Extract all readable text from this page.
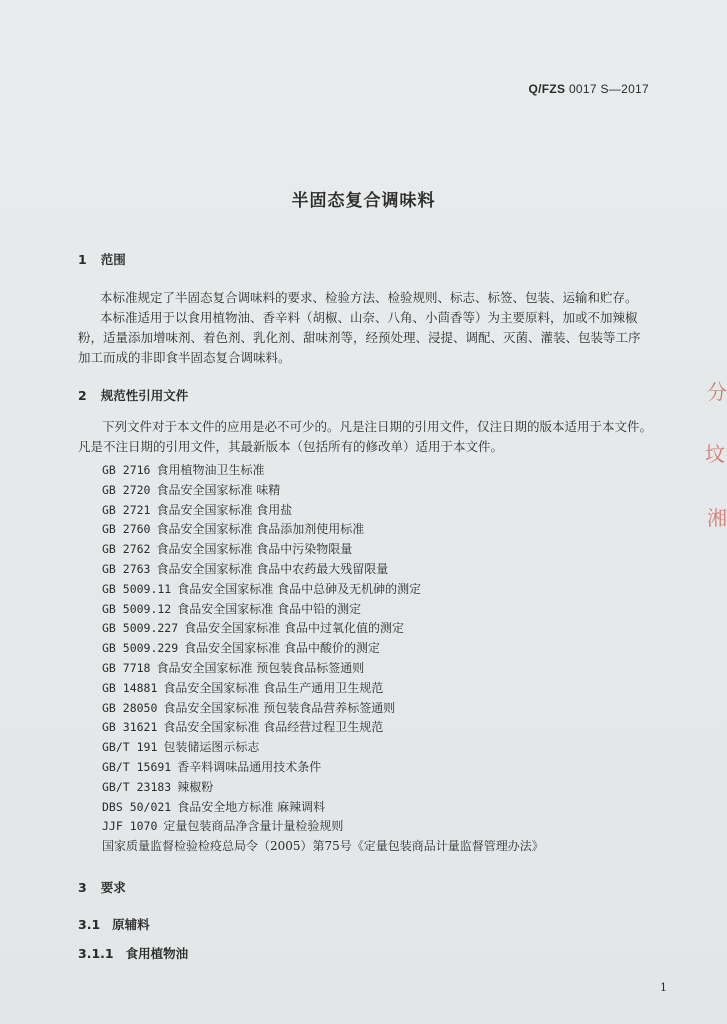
Q/FZS 0017 S—2017
半固态复合调味料
1 范围
本标准规定了半固态复合调味料的要求、检验方法、检验规则、标志、标签、包装、运输和贮存。
本标准适用于以食用植物油、香辛料（胡椒、山奈、八角、小茴香等）为主要原料，加或不加辣椒
粉，适量添加增味剂、着色剂、乳化剂、甜味剂等，经预处理、浸提、调配、灭菌、灌装、包装等工序
加工而成的非即食半固态复合调味料。
2 规范性引用文件
下列文件对于本文件的应用是必不可少的。凡是注日期的引用文件，仅注日期的版本适用于本文件。
凡是不注日期的引用文件，其最新版本（包括所有的修改单）适用于本文件。
GB 2716 食用植物油卫生标准
GB 2720 食品安全国家标准 味精
GB 2721 食品安全国家标准 食用盐
GB 2760 食品安全国家标准 食品添加剂使用标准
GB 2762 食品安全国家标准 食品中污染物限量
GB 2763 食品安全国家标准 食品中农药最大残留限量
GB 5009.11 食品安全国家标准 食品中总砷及无机砷的测定
GB 5009.12 食品安全国家标准 食品中铅的测定
GB 5009.227 食品安全国家标准 食品中过氧化值的测定
GB 5009.229 食品安全国家标准 食品中酸价的测定
GB 7718 食品安全国家标准 预包装食品标签通则
GB 14881 食品安全国家标准 食品生产通用卫生规范
GB 28050 食品安全国家标准 预包装食品营养标签通则
GB 31621 食品安全国家标准 食品经营过程卫生规范
GB/T 191 包装储运图示标志
GB/T 15691 香辛料调味品通用技术条件
GB/T 23183 辣椒粉
DBS 50/021 食品安全地方标准 麻辣调料
JJF 1070 定量包装商品净含量计量检验规则
国家质量监督检验检疫总局令（2005）第75号《定量包装商品计量监督管理办法》
3 要求
3.1 原辅料
3.1.1 食用植物油
1
分
坟
湘
